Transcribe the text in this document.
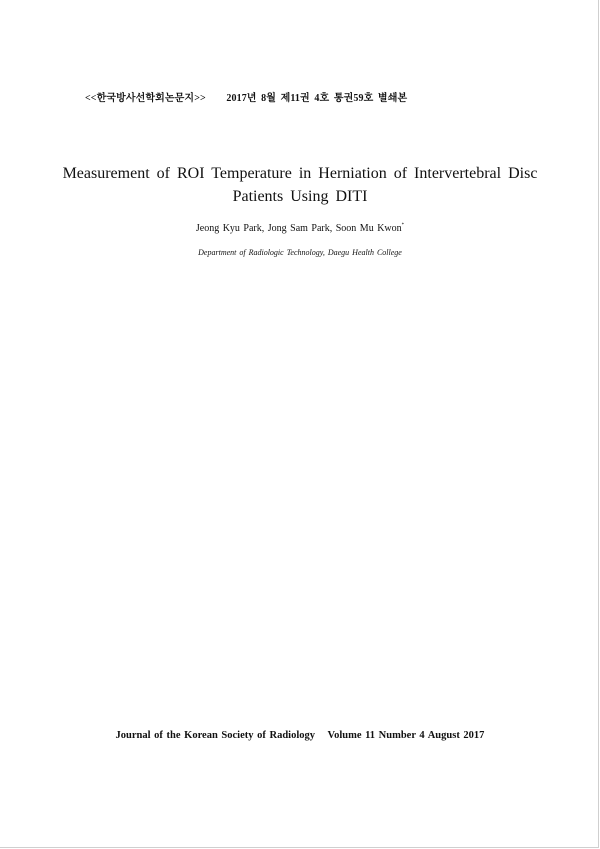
<<한국방사선학회논문지>> 2017년 8월 제11권 4호 통권59호 별쇄본
Measurement of ROI Temperature in Herniation of Intervertebral Disc
Patients Using DITI
Jeong Kyu Park, Jong Sam Park, Soon Mu Kwon*
Department of Radiologic Technology, Daegu Health College
Journal of the Korean Society of Radiology Volume 11 Number 4 August 2017
